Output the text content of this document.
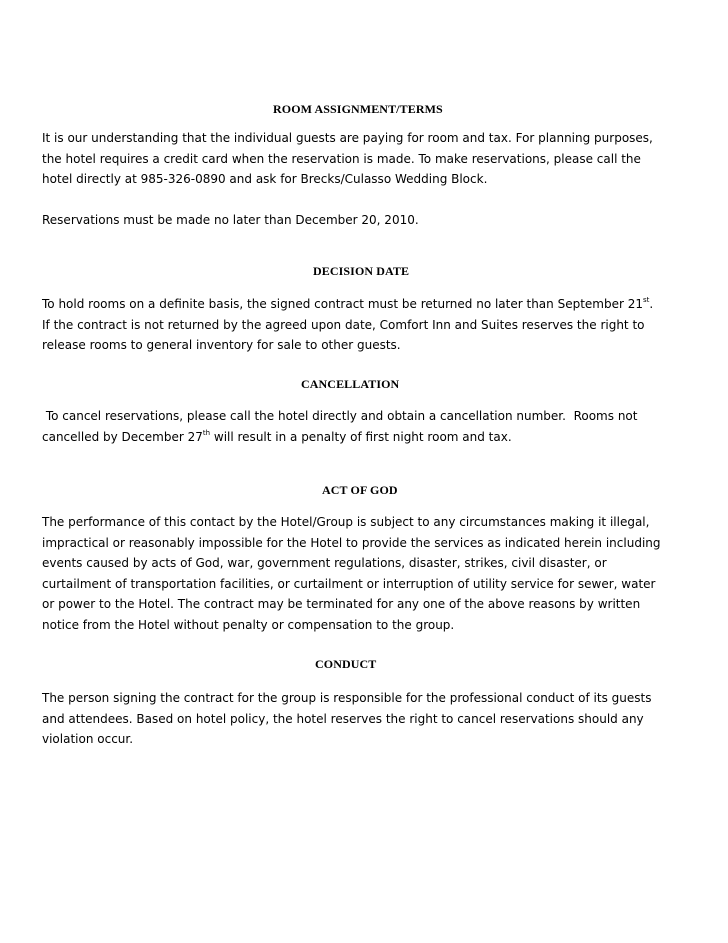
ROOM ASSIGNMENT/TERMS

It is our understanding that the individual guests are paying for room and tax. For planning purposes,
the hotel requires a credit card when the reservation is made. To make reservations, please call the
hotel directly at 985-326-0890 and ask for Brecks/Culasso Wedding Block.

Reservations must be made no later than December 20, 2010.

DECISION DATE

To hold rooms on a definite basis, the signed contract must be returned no later than September 21st.
If the contract is not returned by the agreed upon date, Comfort Inn and Suites reserves the right to
release rooms to general inventory for sale to other guests.

CANCELLATION

To cancel reservations, please call the hotel directly and obtain a cancellation number.  Rooms not
cancelled by December 27th will result in a penalty of first night room and tax.

ACT OF GOD

The performance of this contact by the Hotel/Group is subject to any circumstances making it illegal,
impractical or reasonably impossible for the Hotel to provide the services as indicated herein including
events caused by acts of God, war, government regulations, disaster, strikes, civil disaster, or
curtailment of transportation facilities, or curtailment or interruption of utility service for sewer, water
or power to the Hotel. The contract may be terminated for any one of the above reasons by written
notice from the Hotel without penalty or compensation to the group.

CONDUCT

The person signing the contract for the group is responsible for the professional conduct of its guests
and attendees. Based on hotel policy, the hotel reserves the right to cancel reservations should any
violation occur.
